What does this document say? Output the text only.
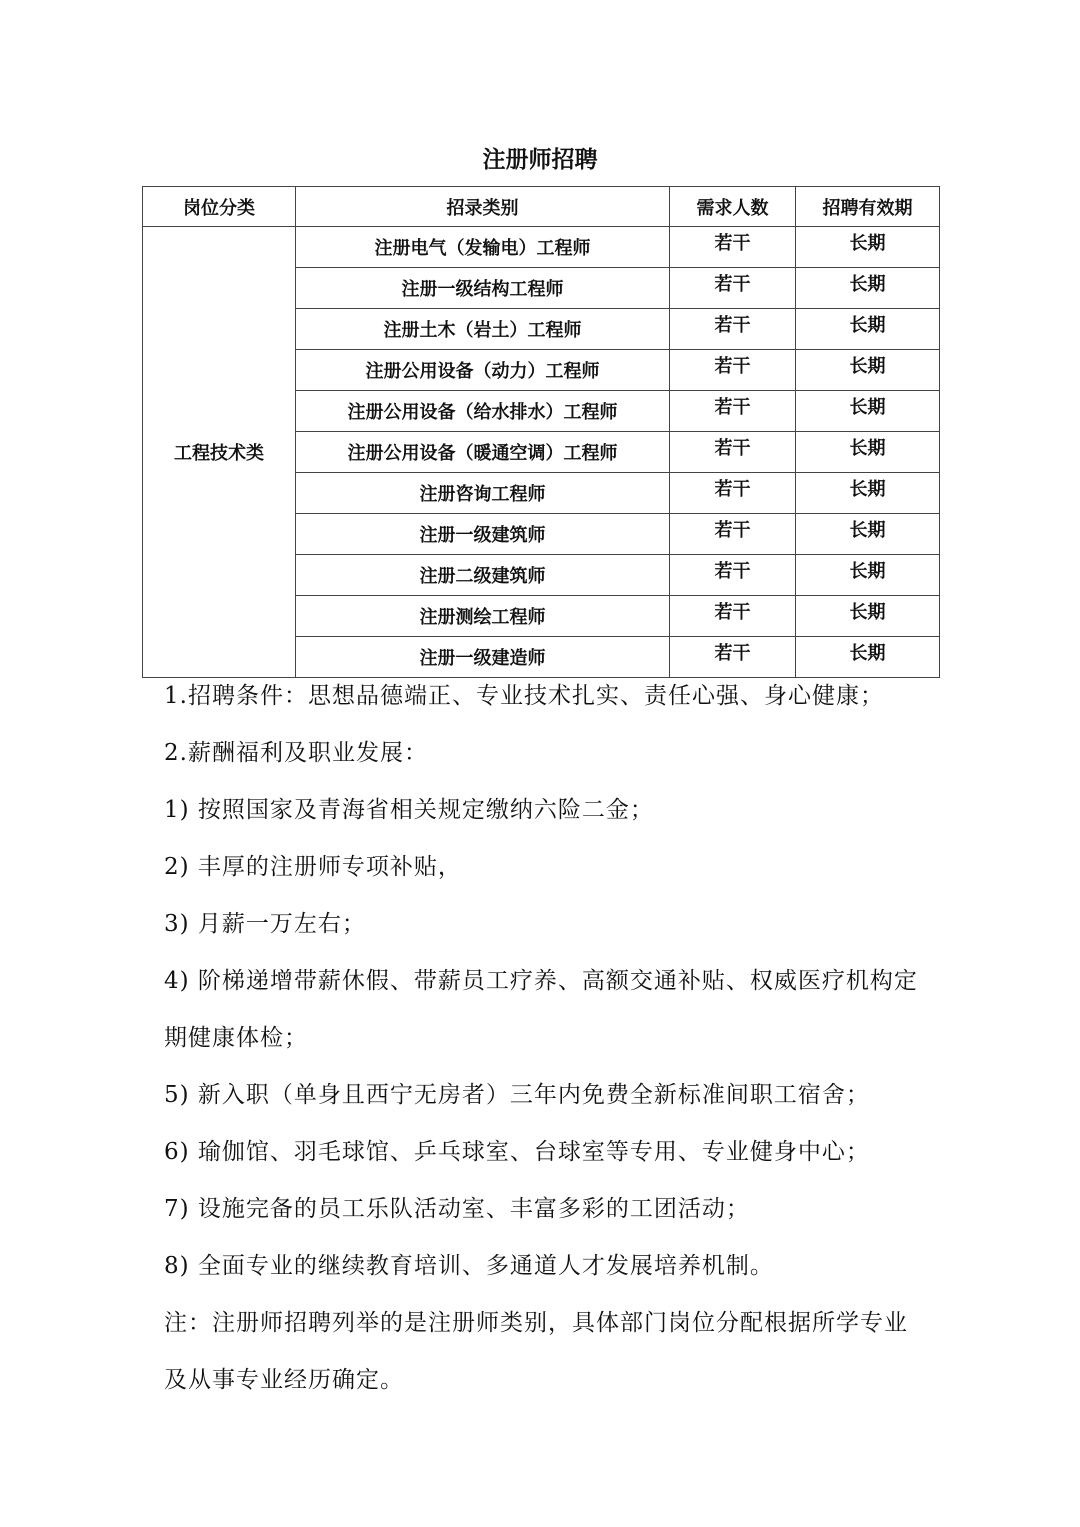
注册师招聘
岗位分类	招录类别	需求人数	招聘有效期
工程技术类	注册电气（发输电）工程师	若干	长期
	注册一级结构工程师	若干	长期
	注册土木（岩土）工程师	若干	长期
	注册公用设备（动力）工程师	若干	长期
	注册公用设备（给水排水）工程师	若干	长期
	注册公用设备（暖通空调）工程师	若干	长期
	注册咨询工程师	若干	长期
	注册一级建筑师	若干	长期
	注册二级建筑师	若干	长期
	注册测绘工程师	若干	长期
	注册一级建造师	若干	长期

1.招聘条件：思想品德端正、专业技术扎实、责任心强、身心健康；

2.薪酬福利及职业发展：

1) 按照国家及青海省相关规定缴纳六险二金；

2) 丰厚的注册师专项补贴，

3) 月薪一万左右；

4) 阶梯递增带薪休假、带薪员工疗养、高额交通补贴、权威医疗机构定期健康体检；

5) 新入职（单身且西宁无房者）三年内免费全新标准间职工宿舍；

6) 瑜伽馆、羽毛球馆、乒乓球室、台球室等专用、专业健身中心；

7) 设施完备的员工乐队活动室、丰富多彩的工团活动；

8) 全面专业的继续教育培训、多通道人才发展培养机制。

注：注册师招聘列举的是注册师类别，具体部门岗位分配根据所学专业及从事专业经历确定。
